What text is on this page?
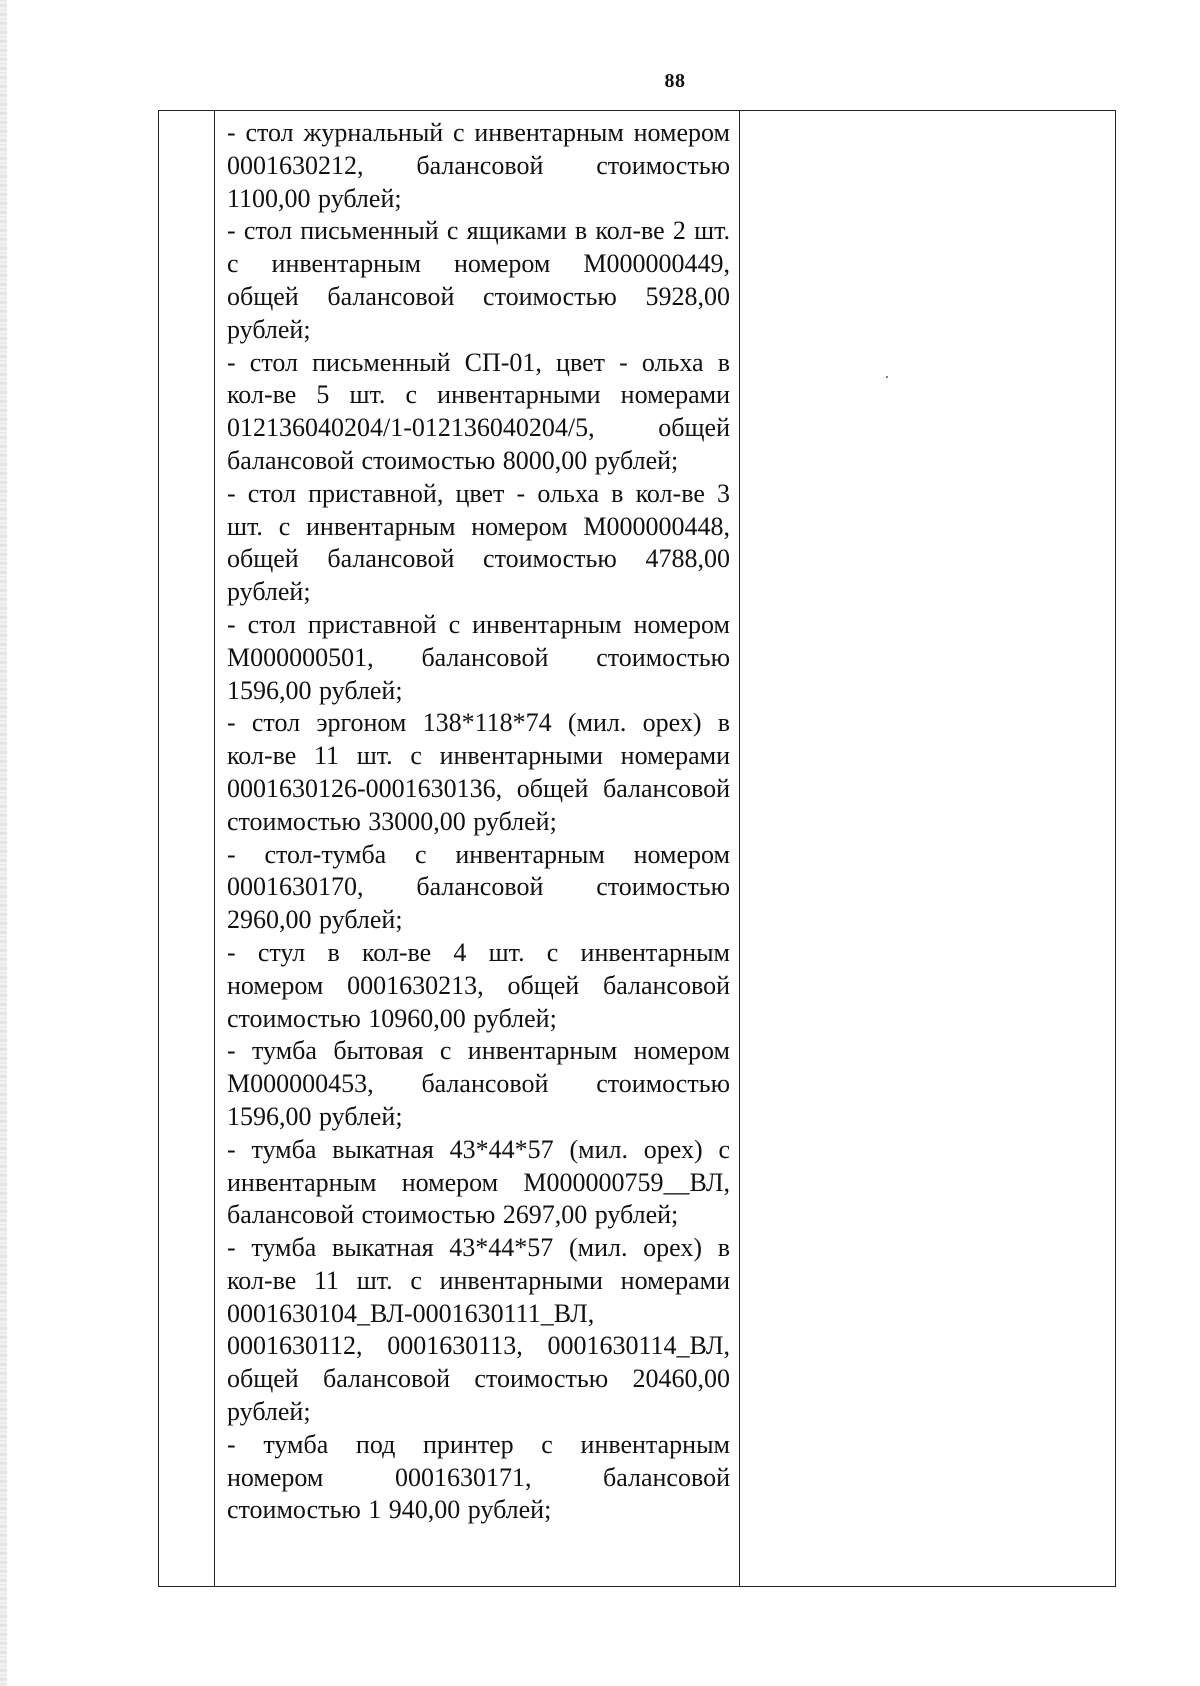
88

- стол журнальный с инвентарным номером 0001630212, балансовой стоимостью 1100,00 рублей;
- стол письменный с ящиками в кол-ве 2 шт. с инвентарным номером М000000449, общей балансовой стоимостью 5928,00 рублей;
- стол письменный СП-01, цвет - ольха в кол-ве 5 шт. с инвентарными номерами 012136040204/1-012136040204/5, общей балансовой стоимостью 8000,00 рублей;
- стол приставной, цвет - ольха в кол-ве 3 шт. с инвентарным номером М000000448, общей балансовой стоимостью 4788,00 рублей;
- стол приставной с инвентарным номером М000000501, балансовой стоимостью 1596,00 рублей;
- стол эргоном 138*118*74 (мил. орех) в кол-ве 11 шт. с инвентарными номерами 0001630126-0001630136, общей балансовой стоимостью 33000,00 рублей;
- стол-тумба с инвентарным номером 0001630170, балансовой стоимостью 2960,00 рублей;
- стул в кол-ве 4 шт. с инвентарным номером 0001630213, общей балансовой стоимостью 10960,00 рублей;
- тумба бытовая с инвентарным номером М000000453, балансовой стоимостью 1596,00 рублей;
- тумба выкатная 43*44*57 (мил. орех) с инвентарным номером М000000759__ВЛ, балансовой стоимостью 2697,00 рублей;
- тумба выкатная 43*44*57 (мил. орех) в кол-ве 11 шт. с инвентарными номерами 0001630104_ВЛ-0001630111_ВЛ, 0001630112, 0001630113, 0001630114_ВЛ, общей балансовой стоимостью 20460,00 рублей;
- тумба под принтер с инвентарным номером 0001630171, балансовой стоимостью 1 940,00 рублей;
